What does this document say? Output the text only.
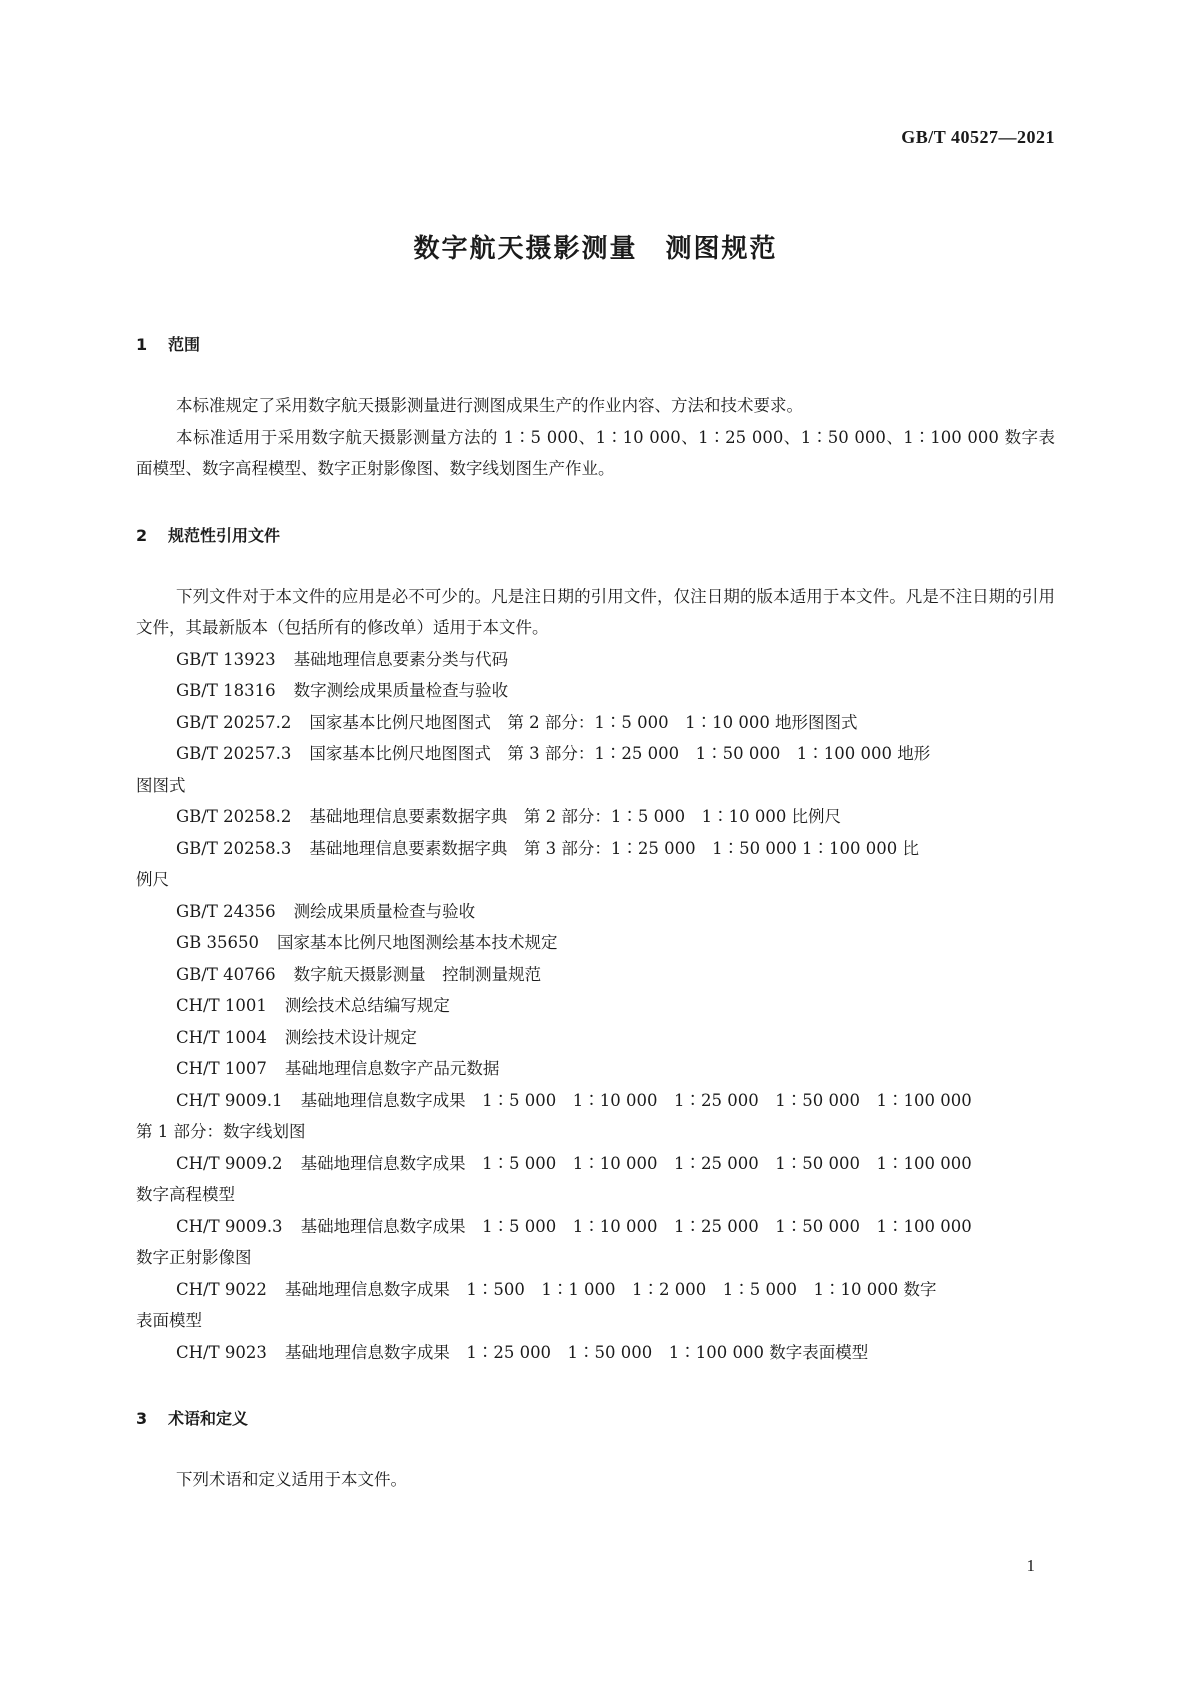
GB/T 40527—2021
数字航天摄影测量　测图规范
1 范围

本标准规定了采用数字航天摄影测量进行测图成果生产的作业内容、方法和技术要求。

本标准适用于采用数字航天摄影测量方法的 1∶5 000、1∶10 000、1∶25 000、1∶50 000、1∶100 000 数字表面模型、数字高程模型、数字正射影像图、数字线划图生产作业。

2 规范性引用文件

下列文件对于本文件的应用是必不可少的。凡是注日期的引用文件，仅注日期的版本适用于本文件。凡是不注日期的引用文件，其最新版本（包括所有的修改单）适用于本文件。

GB/T 13923 基础地理信息要素分类与代码
GB/T 18316 数字测绘成果质量检查与验收
GB/T 20257.2 国家基本比例尺地图图式　第 2 部分：1∶5 000　1∶10 000 地形图图式
GB/T 20257.3 国家基本比例尺地图图式　第 3 部分：1∶25 000　1∶50 000　1∶100 000 地形
图图式
GB/T 20258.2 基础地理信息要素数据字典　第 2 部分：1∶5 000　1∶10 000 比例尺
GB/T 20258.3 基础地理信息要素数据字典　第 3 部分：1∶25 000　1∶50 000 1∶100 000 比
例尺
GB/T 24356 测绘成果质量检查与验收
GB 35650 国家基本比例尺地图测绘基本技术规定
GB/T 40766 数字航天摄影测量　控制测量规范
CH/T 1001 测绘技术总结编写规定
CH/T 1004 测绘技术设计规定
CH/T 1007 基础地理信息数字产品元数据
CH/T 9009.1 基础地理信息数字成果　1∶5 000　1∶10 000　1∶25 000　1∶50 000　1∶100 000
第 1 部分：数字线划图
CH/T 9009.2 基础地理信息数字成果　1∶5 000　1∶10 000　1∶25 000　1∶50 000　1∶100 000
数字高程模型
CH/T 9009.3 基础地理信息数字成果　1∶5 000　1∶10 000　1∶25 000　1∶50 000　1∶100 000
数字正射影像图
CH/T 9022 基础地理信息数字成果　1∶500　1∶1 000　1∶2 000　1∶5 000　1∶10 000 数字
表面模型
CH/T 9023 基础地理信息数字成果　1∶25 000　1∶50 000　1∶100 000 数字表面模型
3 术语和定义

下列术语和定义适用于本文件。

1
